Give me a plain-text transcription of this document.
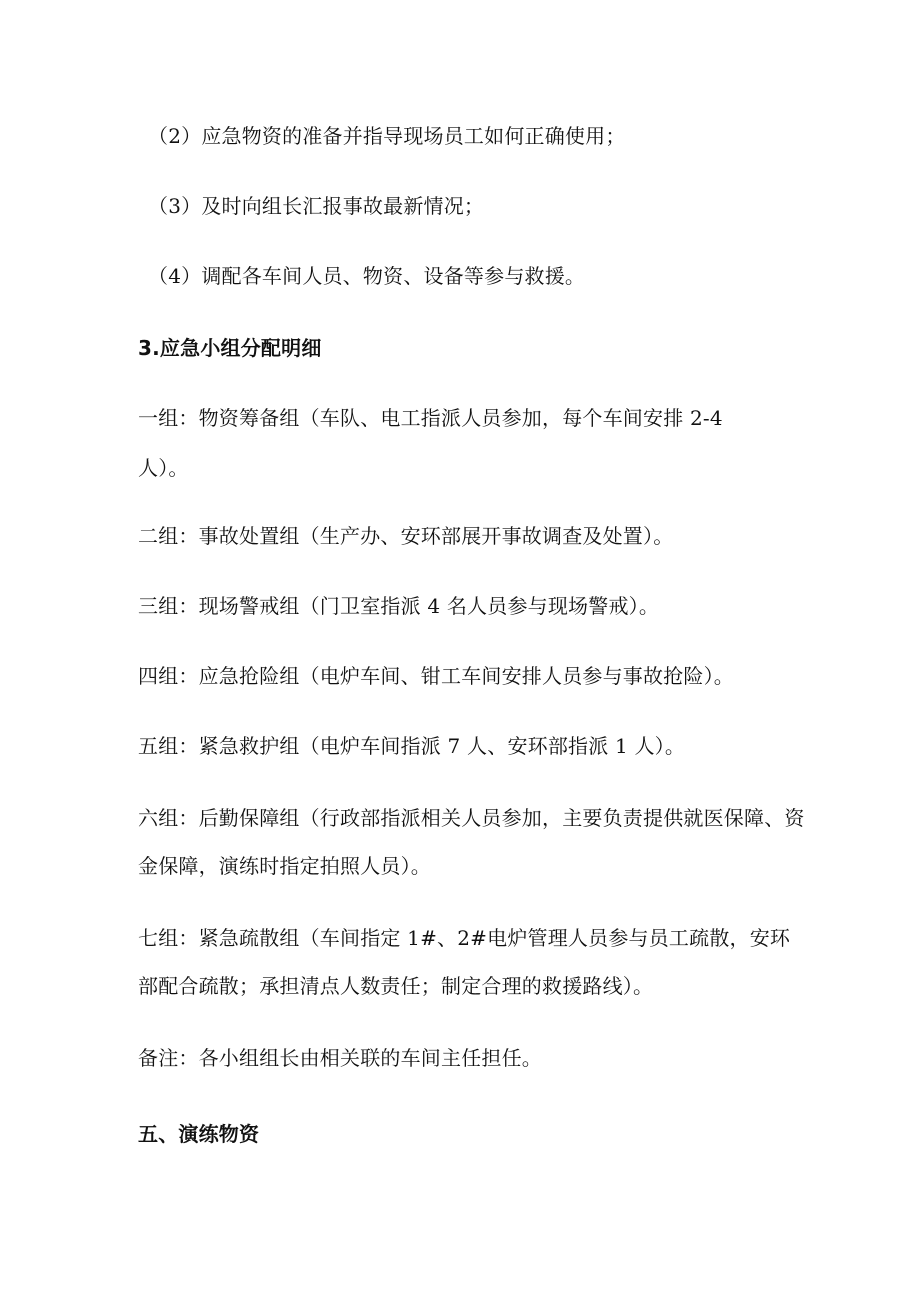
（2）应急物资的准备并指导现场员工如何正确使用；
（3）及时向组长汇报事故最新情况；
（4）调配各车间人员、物资、设备等参与救援。
3.应急小组分配明细
一组：物资筹备组（车队、电工指派人员参加，每个车间安排 2-4
人）。
二组：事故处置组（生产办、安环部展开事故调查及处置）。
三组：现场警戒组（门卫室指派 4 名人员参与现场警戒）。
四组：应急抢险组（电炉车间、钳工车间安排人员参与事故抢险）。
五组：紧急救护组（电炉车间指派 7 人、安环部指派 1 人）。
六组：后勤保障组（行政部指派相关人员参加，主要负责提供就医保障、资
金保障，演练时指定拍照人员）。
七组：紧急疏散组（车间指定 1#、2#电炉管理人员参与员工疏散，安环
部配合疏散；承担清点人数责任；制定合理的救援路线）。
备注：各小组组长由相关联的车间主任担任。
五、演练物资
